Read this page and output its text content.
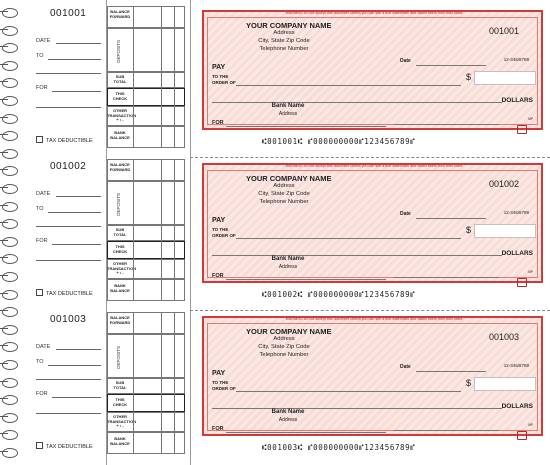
001001
DATE
TO
FOR
TAX DEDUCTIBLE
BALANCE FORWARD
SUB TOTAL
THIS CHECK
OTHER TRANSACTION + • -
BANK BALANCE
DEPOSITS
WARNING Do not accept this document unless you can see a true watermark and visible fibers from both sides
YOUR COMPANY NAME
Address
City, State Zip Code
Telephone Number
001001
Date	12-345/6789
PAY
TO THE ORDER OF	$
DOLLARS
Bank Name
Address
MP
FOR
⑆001001⑆ ⑈000000000⑈123456789⑈
001002
DATE
TO
FOR
TAX DEDUCTIBLE
BALANCE FORWARD
SUB TOTAL
THIS CHECK
OTHER TRANSACTION + • -
BANK BALANCE
DEPOSITS
WARNING Do not accept this document unless you can see a true watermark and visible fibers from both sides
YOUR COMPANY NAME
Address
City, State Zip Code
Telephone Number
001002
Date	12-345/6789
PAY
TO THE ORDER OF	$
DOLLARS
Bank Name
Address
MP
FOR
⑆001002⑆ ⑈000000000⑈123456789⑈
001003
DATE
TO
FOR
TAX DEDUCTIBLE
BALANCE FORWARD
SUB TOTAL
THIS CHECK
OTHER TRANSACTION + • -
BANK BALANCE
DEPOSITS
WARNING Do not accept this document unless you can see a true watermark and visible fibers from both sides
YOUR COMPANY NAME
Address
City, State Zip Code
Telephone Number
001003
Date	12-345/6789
PAY
TO THE ORDER OF	$
DOLLARS
Bank Name
Address
MP
FOR
⑆001003⑆ ⑈000000000⑈123456789⑈
